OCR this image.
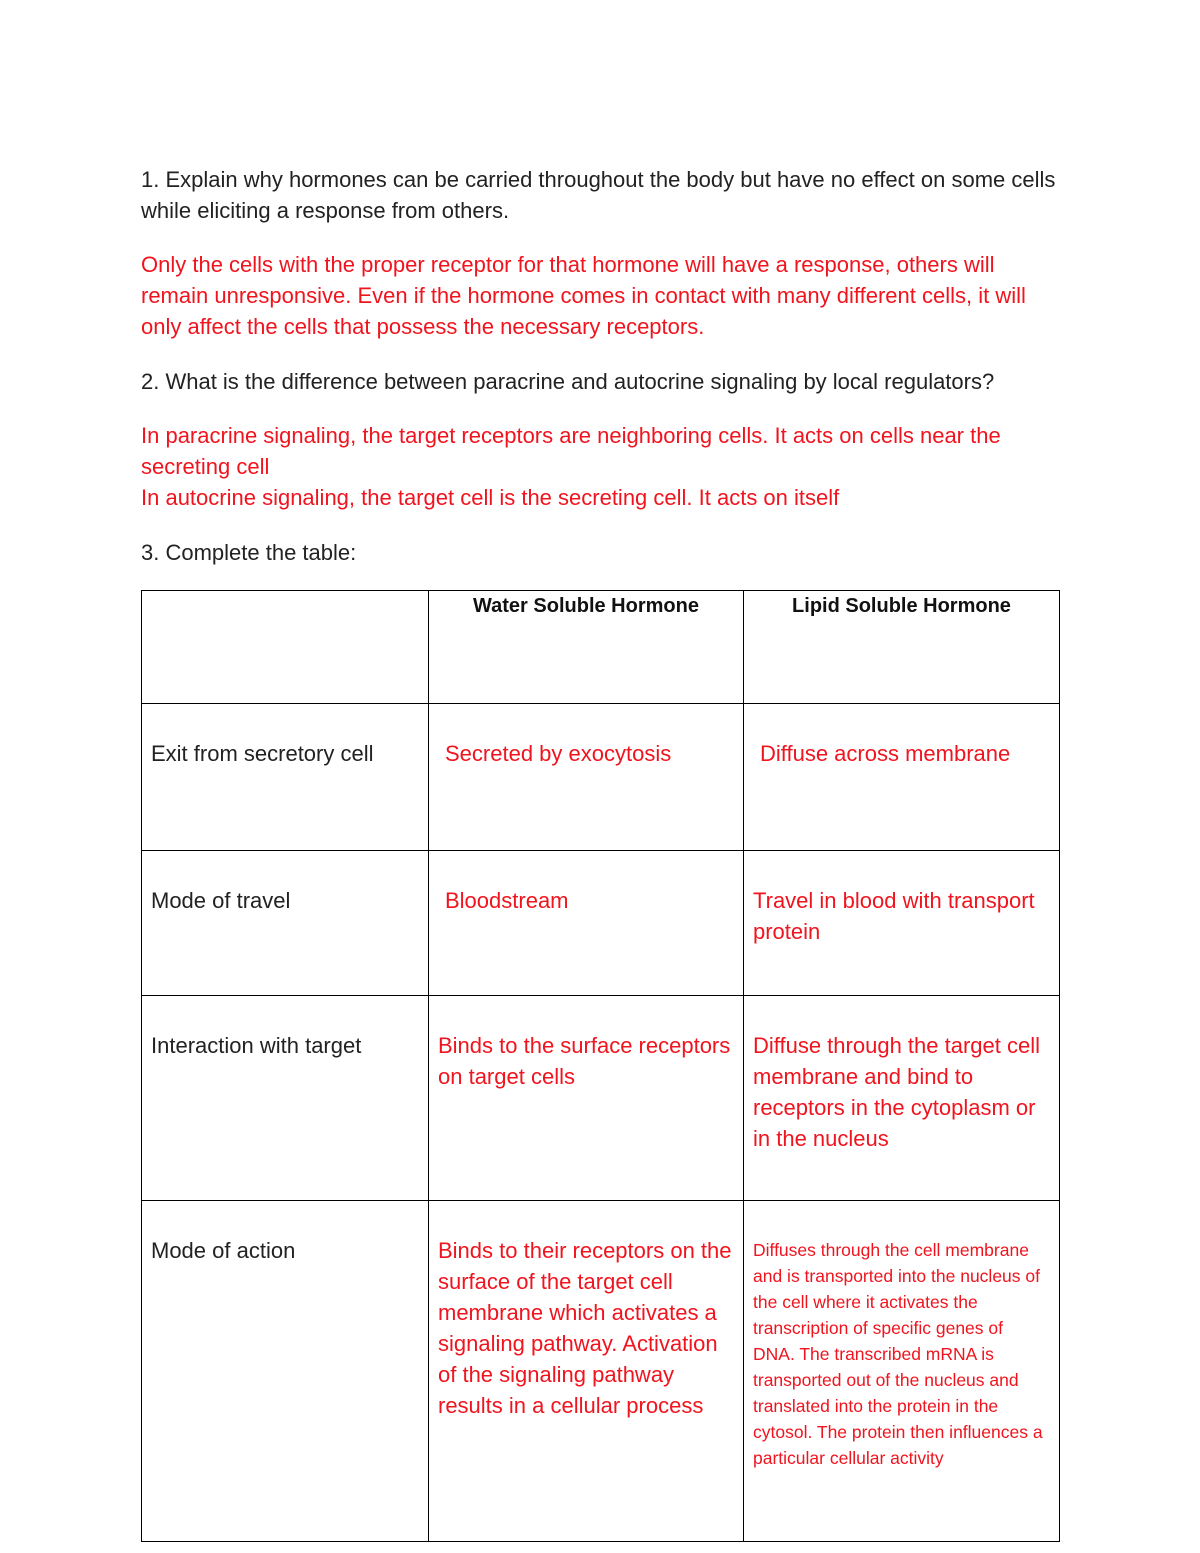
1. Explain why hormones can be carried throughout the body but have no effect on some cells while eliciting a response from others.

Only the cells with the proper receptor for that hormone will have a response, others will remain unresponsive. Even if the hormone comes in contact with many different cells, it will only affect the cells that possess the necessary receptors.

2. What is the difference between paracrine and autocrine signaling by local regulators?

In paracrine signaling, the target receptors are neighboring cells. It acts on cells near the secreting cell
In autocrine signaling, the target cell is the secreting cell. It acts on itself

3. Complete the table:

	Water Soluble Hormone	Lipid Soluble Hormone
Exit from secretory cell	Secreted by exocytosis	Diffuse across membrane
Mode of travel	Bloodstream	Travel in blood with transport protein
Interaction with target	Binds to the surface receptors on target cells	Diffuse through the target cell membrane and bind to receptors in the cytoplasm or in the nucleus
Mode of action	Binds to their receptors on the surface of the target cell membrane which activates a signaling pathway. Activation of the signaling pathway results in a cellular process	Diffuses through the cell membrane and is transported into the nucleus of the cell where it activates the transcription of specific genes of DNA. The transcribed mRNA is transported out of the nucleus and translated into the protein in the cytosol. The protein then influences a particular cellular activity
